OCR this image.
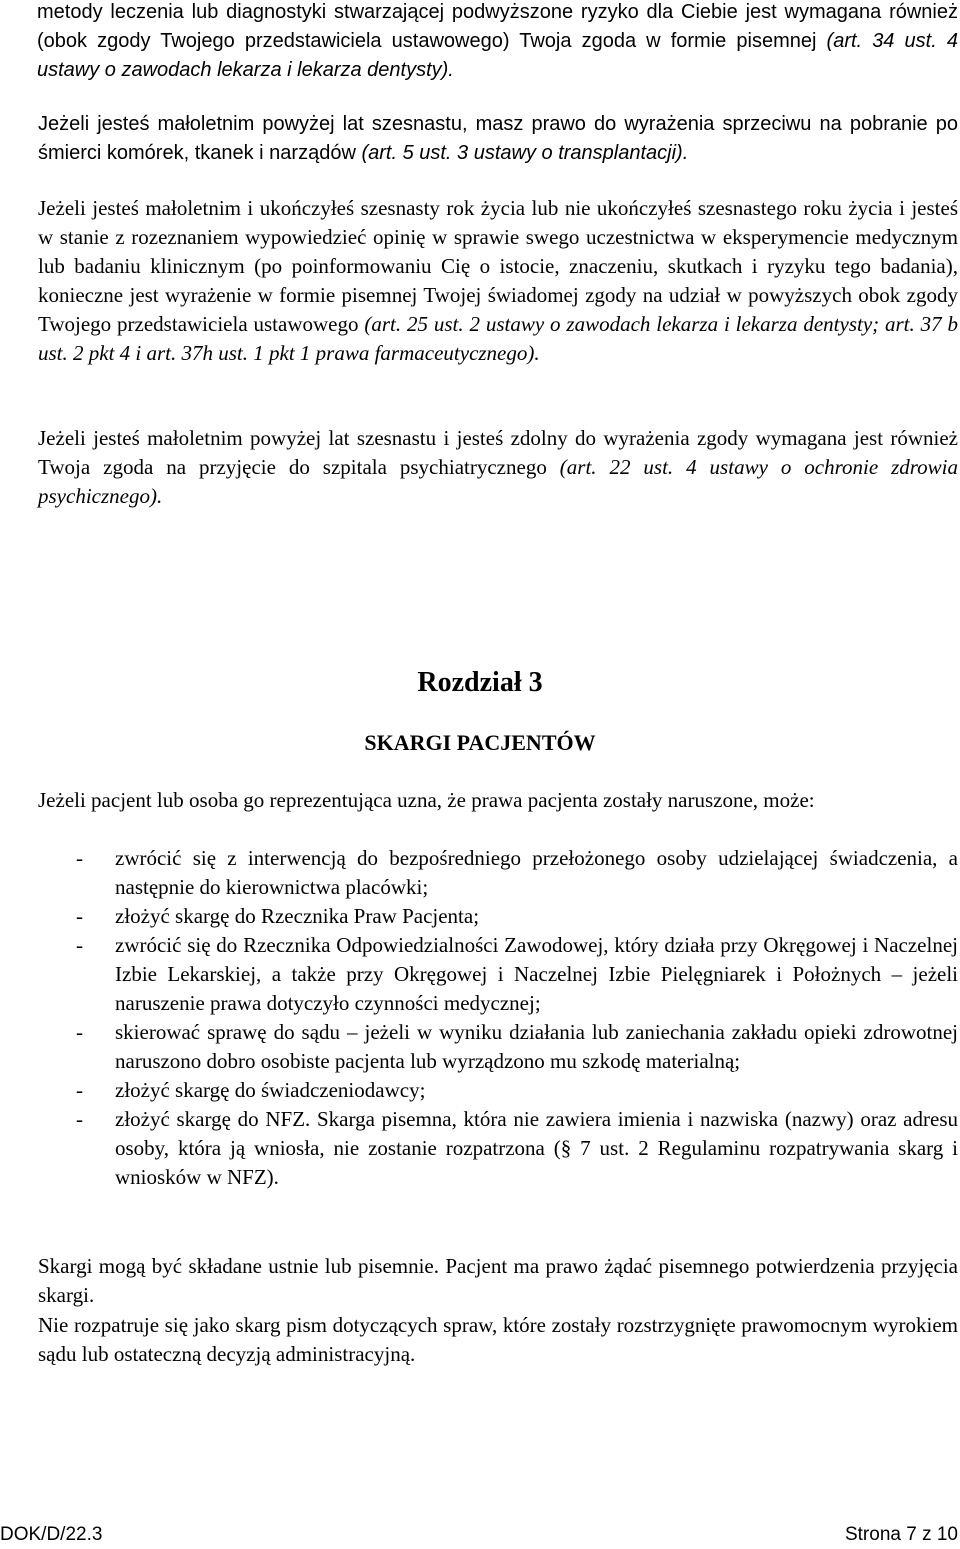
metody leczenia lub diagnostyki stwarzającej podwyższone ryzyko dla Ciebie jest wymagana również (obok zgody Twojego przedstawiciela ustawowego) Twoja zgoda w formie pisemnej (art. 34 ust. 4 ustawy o zawodach lekarza i lekarza dentysty).
Jeżeli jesteś małoletnim powyżej lat szesnastu, masz prawo do wyrażenia sprzeciwu na pobranie po śmierci komórek, tkanek i narządów (art. 5 ust. 3 ustawy o transplantacji).
Jeżeli jesteś małoletnim i ukończyłeś szesnasty rok życia lub nie ukończyłeś szesnastego roku życia i jesteś w stanie z rozeznaniem wypowiedzieć opinię w sprawie swego uczestnictwa w eksperymencie medycznym lub badaniu klinicznym (po poinformowaniu Cię o istocie, znaczeniu, skutkach i ryzyku tego badania), konieczne jest wyrażenie w formie pisemnej Twojej świadomej zgody na udział w powyższych obok zgody Twojego przedstawiciela ustawowego (art. 25 ust. 2 ustawy o zawodach lekarza i lekarza dentysty; art. 37 b ust. 2 pkt 4 i art. 37h ust. 1 pkt 1 prawa farmaceutycznego).
Jeżeli jesteś małoletnim powyżej lat szesnastu i jesteś zdolny do wyrażenia zgody wymagana jest również Twoja zgoda na przyjęcie do szpitala psychiatrycznego (art. 22 ust. 4 ustawy o ochronie zdrowia psychicznego).
Rozdział 3
SKARGI PACJENTÓW
Jeżeli pacjent lub osoba go reprezentująca uzna, że prawa pacjenta zostały naruszone, może:
- zwrócić się z interwencją do bezpośredniego przełożonego osoby udzielającej świadczenia, a następnie do kierownictwa placówki;
- złożyć skargę do Rzecznika Praw Pacjenta;
- zwrócić się do Rzecznika Odpowiedzialności Zawodowej, który działa przy Okręgowej i Naczelnej Izbie Lekarskiej, a także przy Okręgowej i Naczelnej Izbie Pielęgniarek i Położnych – jeżeli naruszenie prawa dotyczyło czynności medycznej;
- skierować sprawę do sądu – jeżeli w wyniku działania lub zaniechania zakładu opieki zdrowotnej naruszono dobro osobiste pacjenta lub wyrządzono mu szkodę materialną;
- złożyć skargę do świadczeniodawcy;
- złożyć skargę do NFZ. Skarga pisemna, która nie zawiera imienia i nazwiska (nazwy) oraz adresu osoby, która ją wniosła, nie zostanie rozpatrzona (§ 7 ust. 2 Regulaminu rozpatrywania skarg i wniosków w NFZ).
Skargi mogą być składane ustnie lub pisemnie. Pacjent ma prawo żądać pisemnego potwierdzenia przyjęcia skargi.
Nie rozpatruje się jako skarg pism dotyczących spraw, które zostały rozstrzygnięte prawomocnym wyrokiem sądu lub ostateczną decyzją administracyjną.
DOK/D/22.3	Strona 7 z 10
